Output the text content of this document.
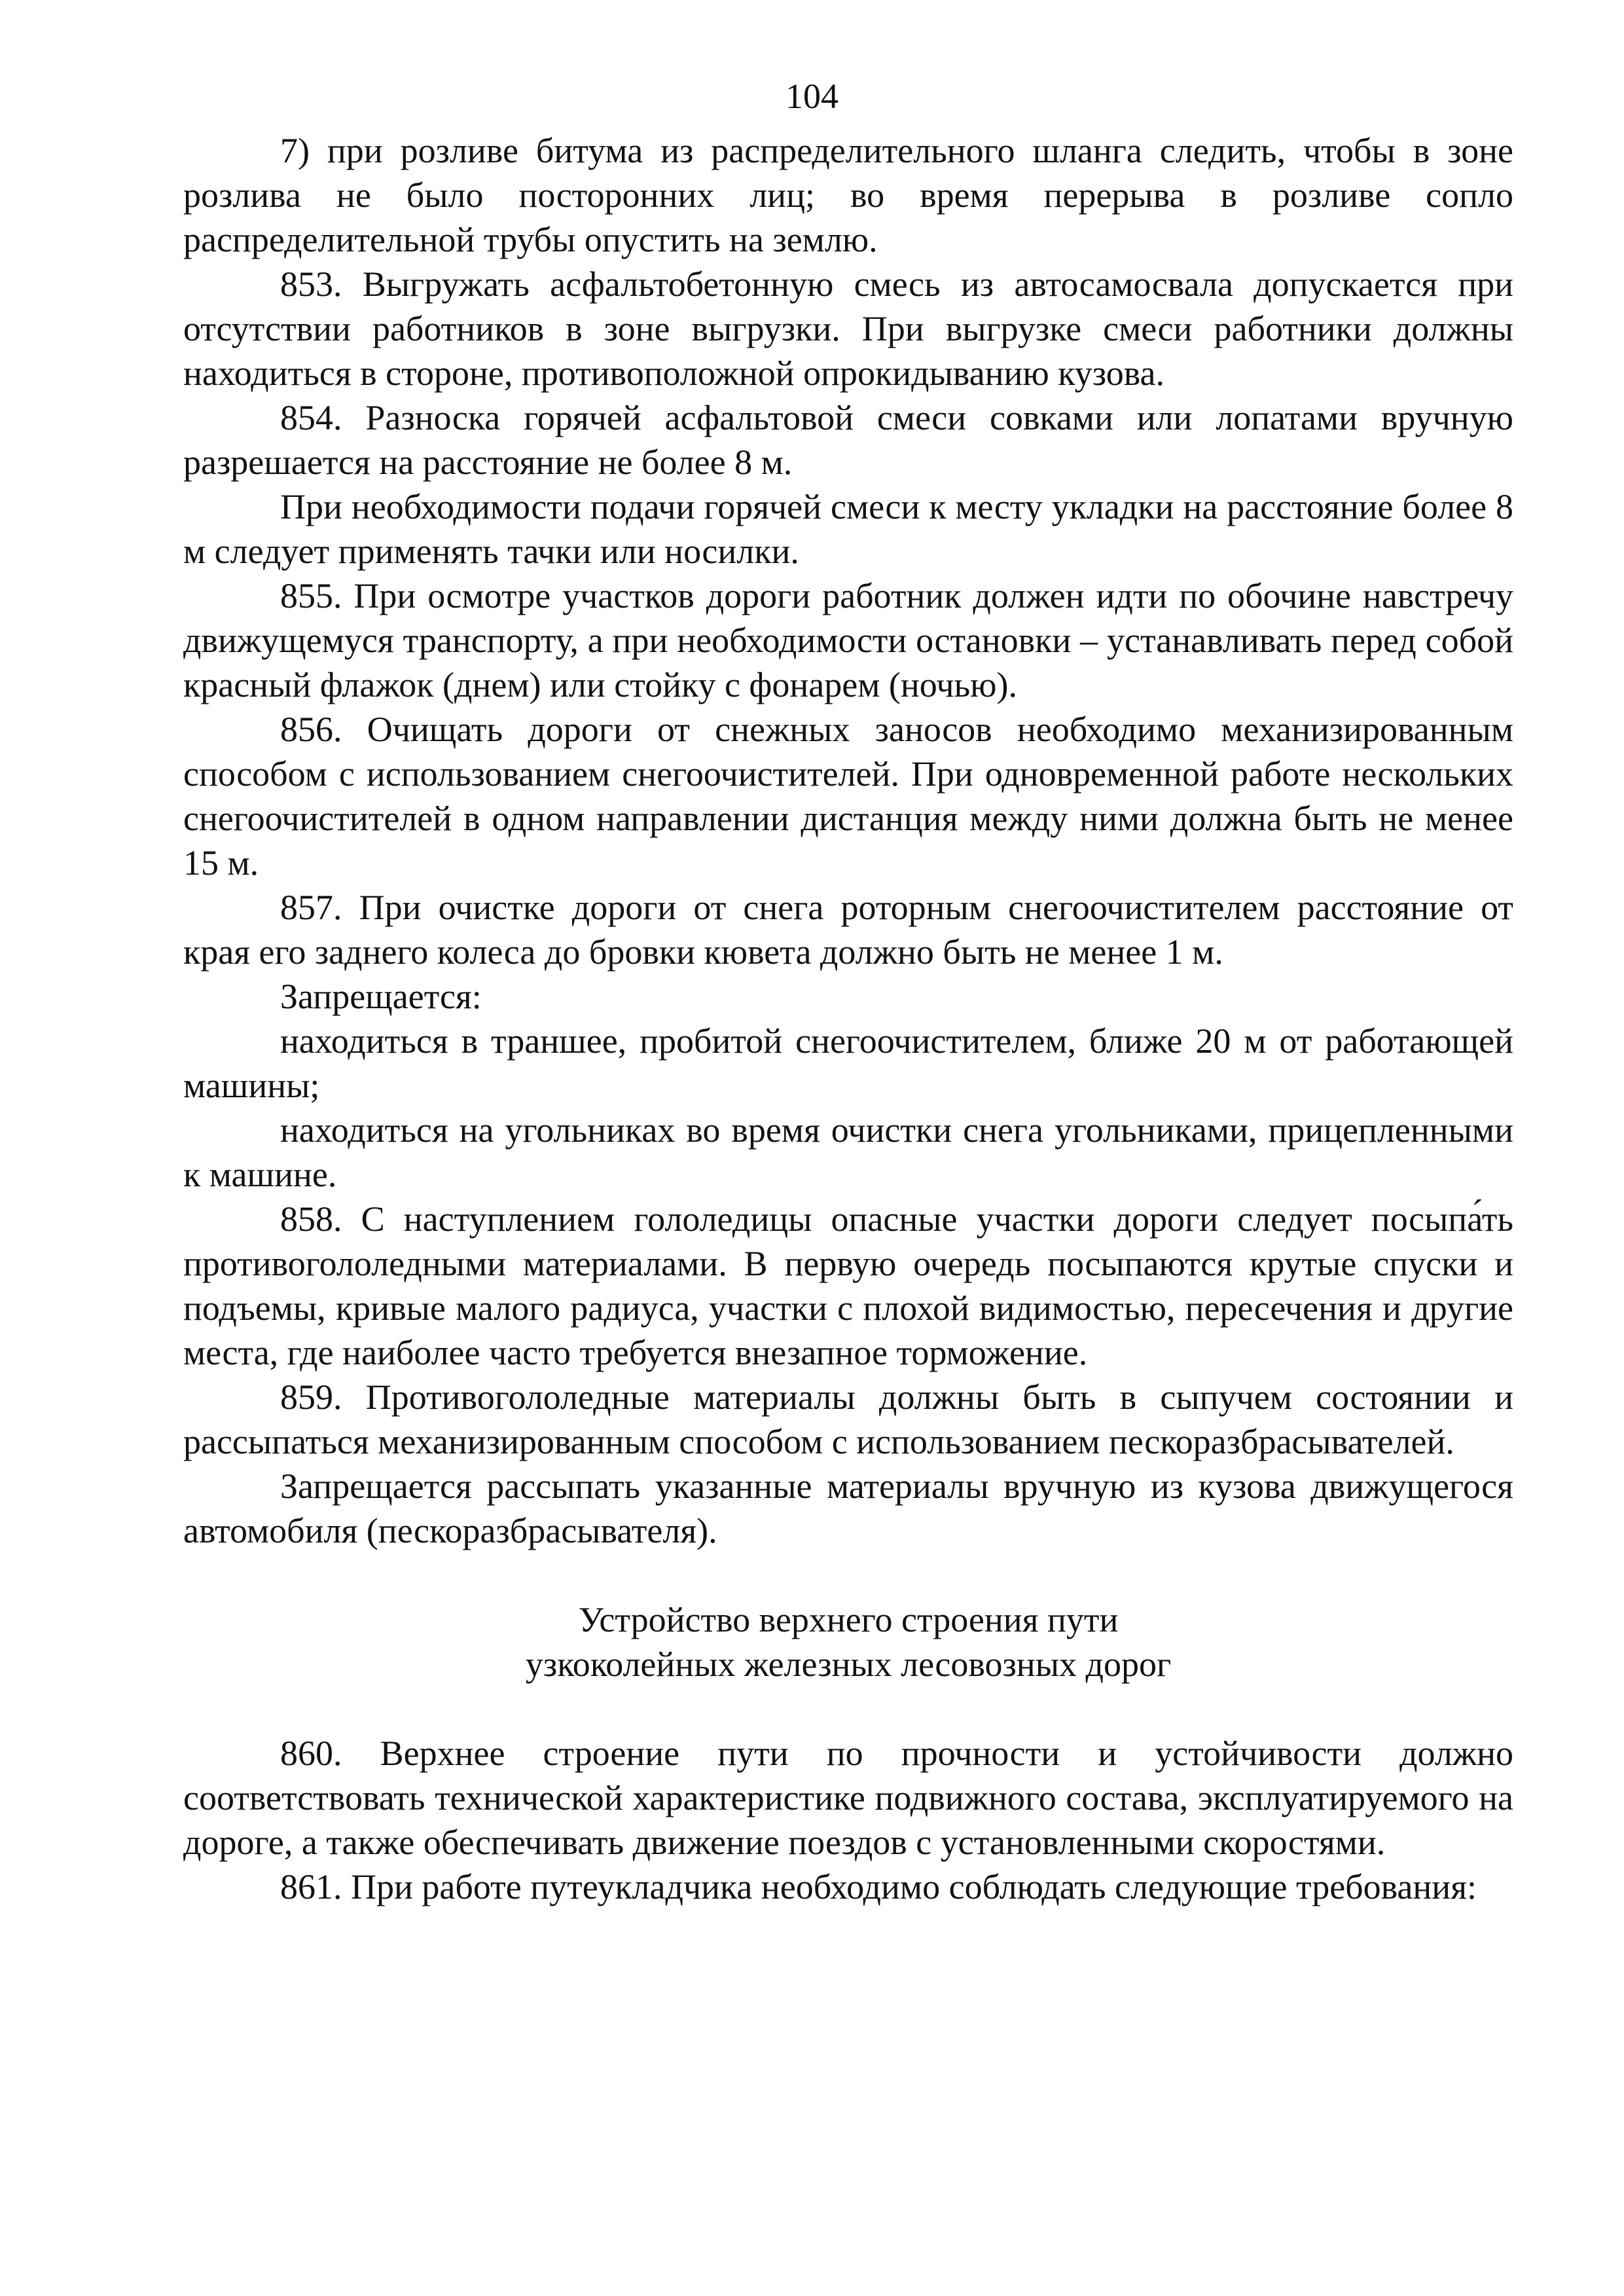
104

7) при розливе битума из распределительного шланга следить, чтобы в зоне розлива не было посторонних лиц; во время перерыва в розливе сопло распределительной трубы опустить на землю.

853. Выгружать асфальтобетонную смесь из автосамосвала допускается при отсутствии работников в зоне выгрузки. При выгрузке смеси работники должны находиться в стороне, противоположной опрокидыванию кузова.

854. Разноска горячей асфальтовой смеси совками или лопатами вручную разрешается на расстояние не более 8 м.

При необходимости подачи горячей смеси к месту укладки на расстояние более 8 м следует применять тачки или носилки.

855. При осмотре участков дороги работник должен идти по обочине навстречу движущемуся транспорту, а при необходимости остановки – устанавливать перед собой красный флажок (днем) или стойку с фонарем (ночью).

856. Очищать дороги от снежных заносов необходимо механизированным способом с использованием снегоочистителей. При одновременной работе нескольких снегоочистителей в одном направлении дистанция между ними должна быть не менее 15 м.

857. При очистке дороги от снега роторным снегоочистителем расстояние от края его заднего колеса до бровки кювета должно быть не менее 1 м.

Запрещается:

находиться в траншее, пробитой снегоочистителем, ближе 20 м от работающей машины;

находиться на угольниках во время очистки снега угольниками, прицепленными к машине.

858. С наступлением гололедицы опасные участки дороги следует посыпа́ть противогололедными материалами. В первую очередь посыпаются крутые спуски и подъемы, кривые малого радиуса, участки с плохой видимостью, пересечения и другие места, где наиболее часто требуется внезапное торможение.

859. Противогололедные материалы должны быть в сыпучем состоянии и рассыпаться механизированным способом с использованием пескоразбрасывателей.

Запрещается рассыпать указанные материалы вручную из кузова движущегося автомобиля (пескоразбрасывателя).

Устройство верхнего строения пути
узкоколейных железных лесовозных дорог

860. Верхнее строение пути по прочности и устойчивости должно соответствовать технической характеристике подвижного состава, эксплуатируемого на дороге, а также обеспечивать движение поездов с установленными скоростями.

861. При работе путеукладчика необходимо соблюдать следующие требования:
